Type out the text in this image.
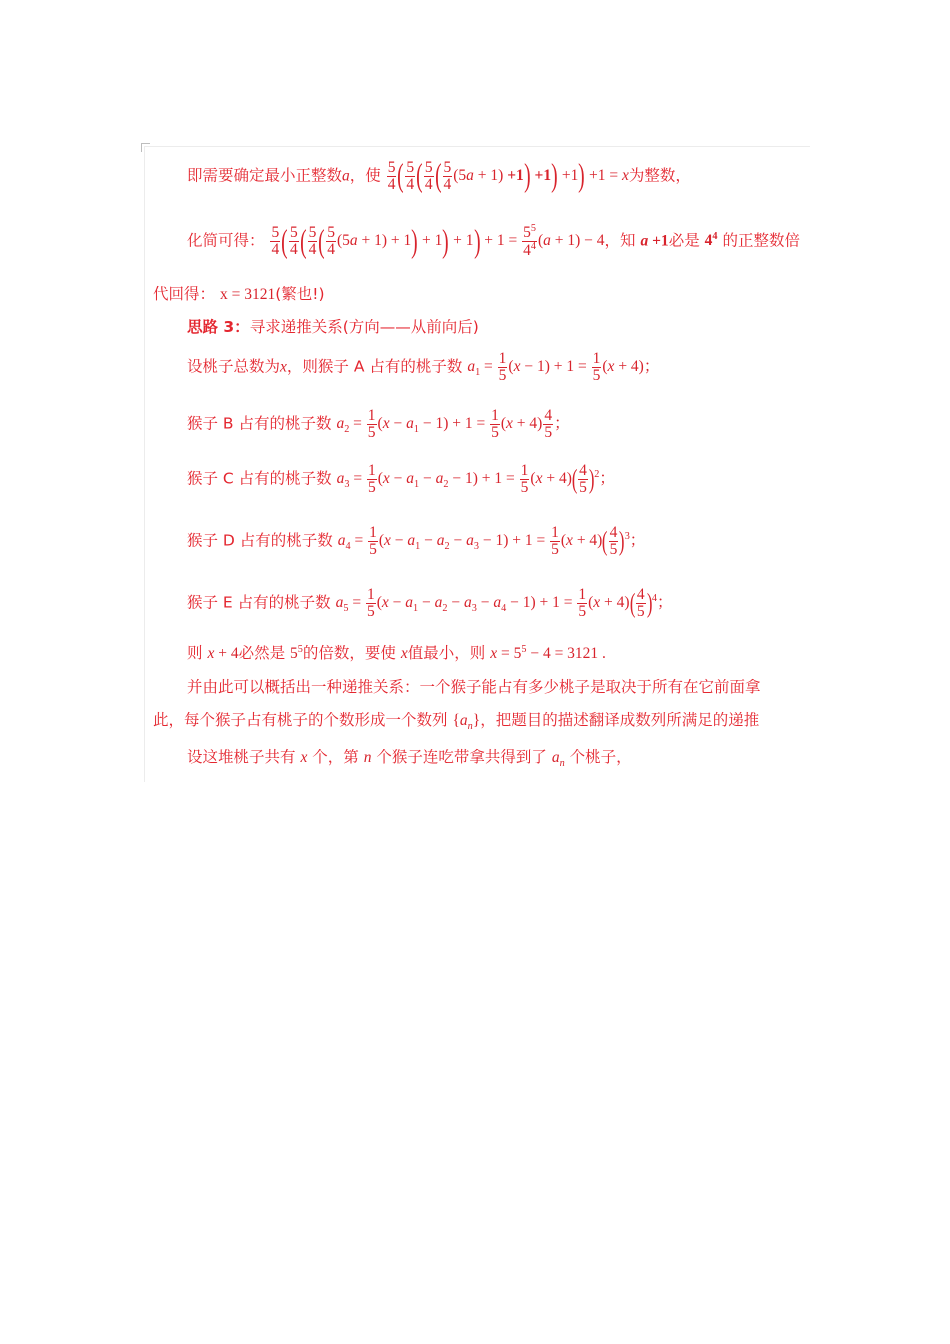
即需要确定最小正整数a，使 $\frac{5}{4}$ ( $\frac{5}{4}$ ( $\frac{5}{4}$ ( $\frac{5}{4} (5a + 1) +1) +1) +1) +1 = x$为整数，
化简可得： $\frac{5}{4}$ ( $\frac{5}{4}$ ( $\frac{5}{4}$ ( $\frac{5}{4} (5a + 1) + 1) + 1) + 1) + 1 = \frac{5^5}{4^4} (a + 1) - 4$，知 a +1必是 $4^4$ 的正整数倍
代回得： x = 3121(繁也!)
思路 3：寻求递推关系(方向——从前向后)
设桃子总数为x，则猴子 A 占有的桃子数 $a_1 = \frac{1}{5} (x - 1) + 1 = \frac{1}{5} (x + 4)$；
猴子 B 占有的桃子数 $a_2 = \frac{1}{5} (x - a_1 - 1) + 1 = \frac{1}{5} (x + 4) \frac{4}{5}$ ；
猴子 C 占有的桃子数 $a_3 = \frac{1}{5} (x - a_1 - a_2 - 1) + 1 = \frac{1}{5} (x + 4)( \frac{4}{5} )^2$；
猴子 D 占有的桃子数 $a_4 = \frac{1}{5} (x - a_1 - a_2 - a_3 - 1) + 1 = \frac{1}{5} (x + 4)( \frac{4}{5} )^3$；
猴子 E 占有的桃子数 $a_5 = \frac{1}{5} (x - a_1 - a_2 - a_3 - a_4 - 1) + 1 = \frac{1}{5} (x + 4)( \frac{4}{5} )^4$；
则 x + 4必然是 $5^5$的倍数，要使 x值最小，则 $x = 5^5 - 4 = 3121$ .
并由此可以概括出一种递推关系：一个猴子能占有多少桃子是取决于所有在它前面拿
此，每个猴子占有桃子的个数形成一个数列 $\{a_n\}$，把题目的描述翻译成数列所满足的递推
设这堆桃子共有 x 个，第 n 个猴子连吃带拿共得到了 $a_n$ 个桃子，
